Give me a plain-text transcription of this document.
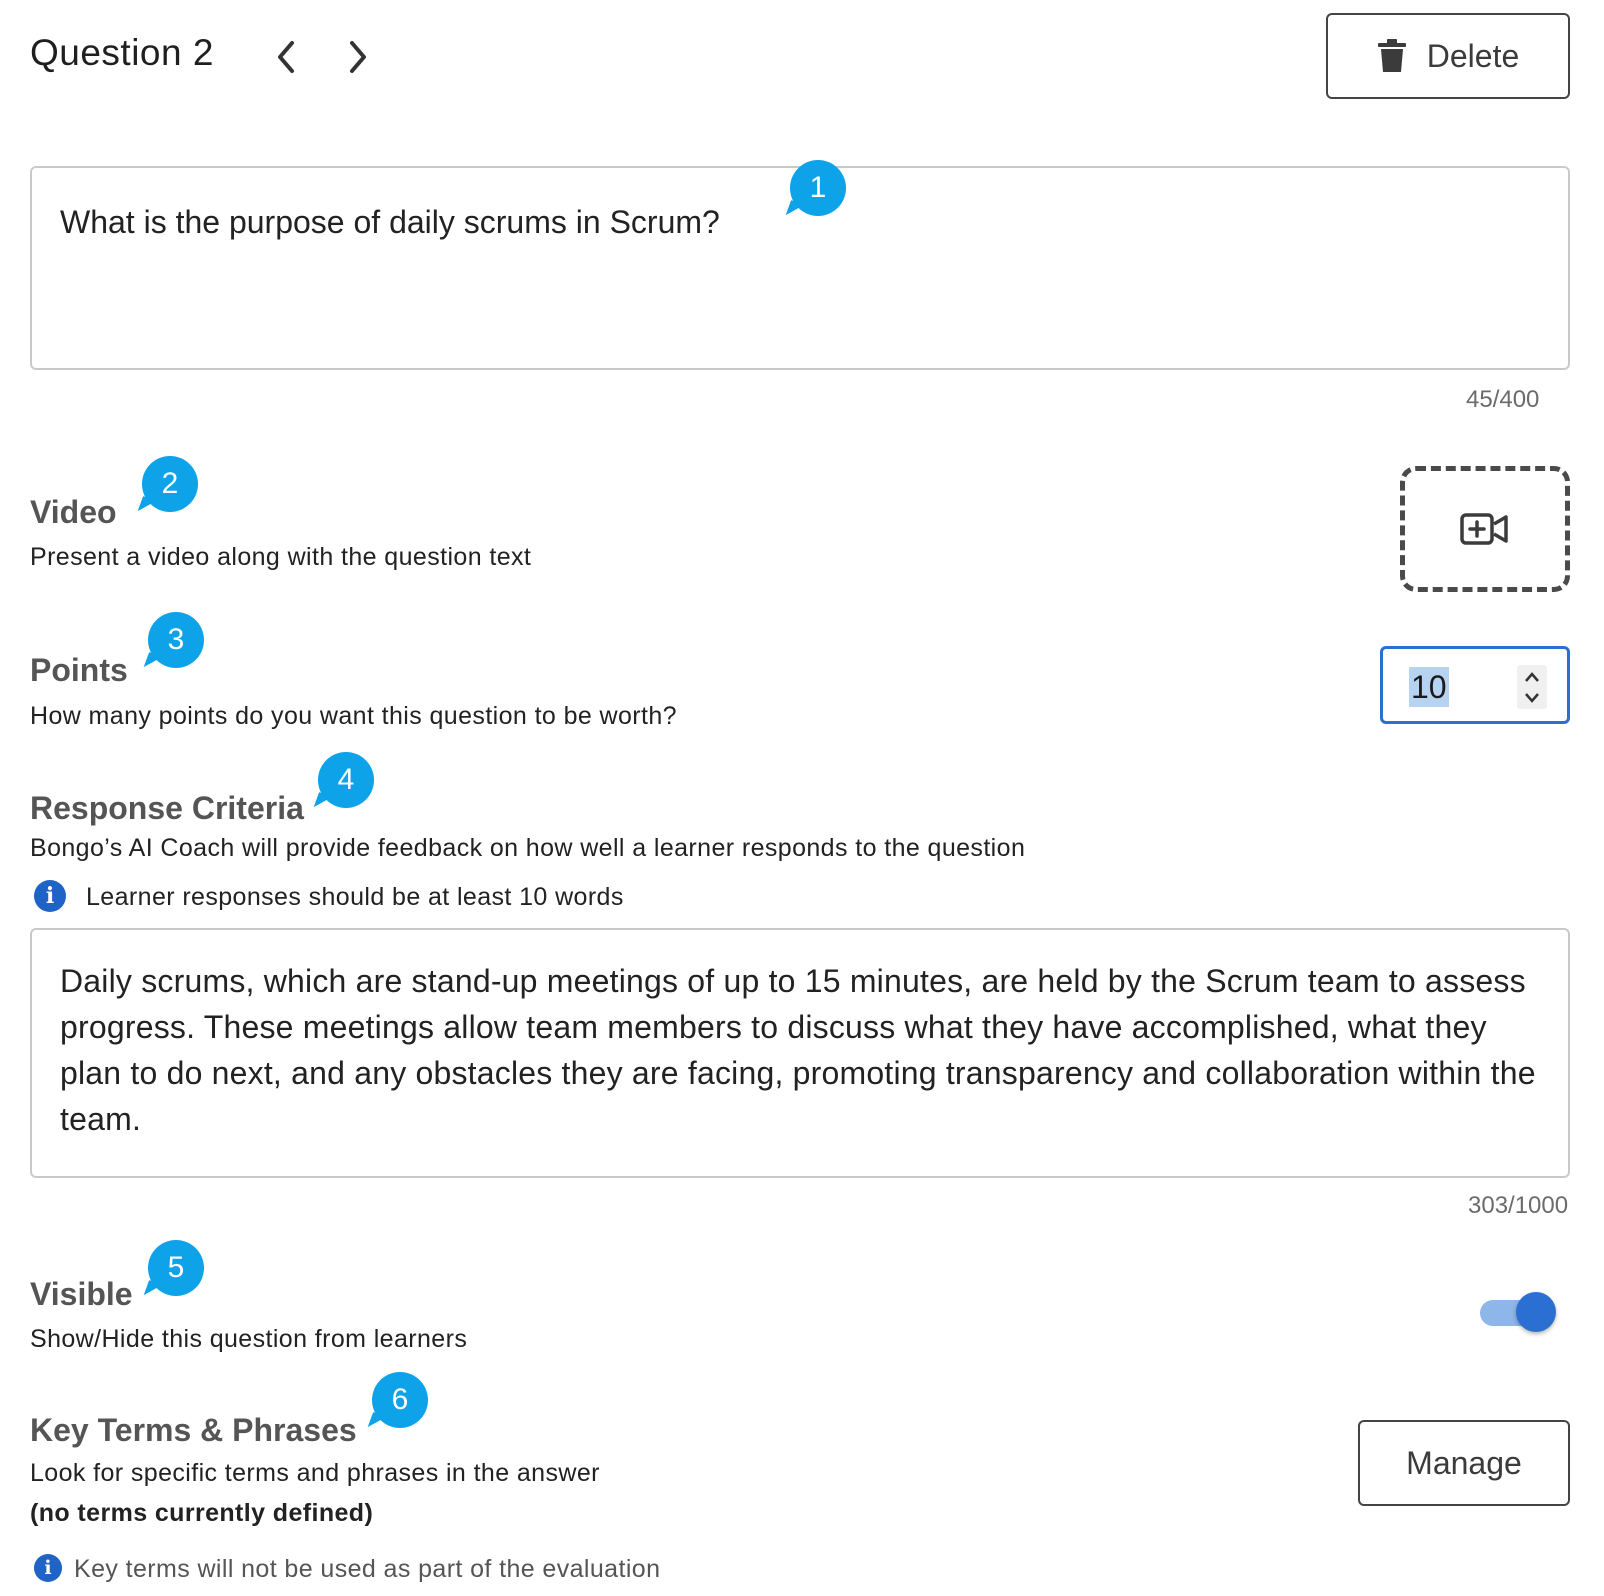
Question 2	Delete
What is the purpose of daily scrums in Scrum?
1
45/400
Video
2
Present a video along with the question text
Points
3
How many points do you want this question to be worth?
10
Response Criteria
4
Bongo’s AI Coach will provide feedback on how well a learner responds to the question
i	Learner responses should be at least 10 words
Daily scrums, which are stand-up meetings of up to 15 minutes, are held by the Scrum team to assess progress. These meetings allow team members to discuss what they have accomplished, what they plan to do next, and any obstacles they are facing, promoting transparency and collaboration within the team.
303/1000
Visible
5
Show/Hide this question from learners
Key Terms & Phrases
6
Look for specific terms and phrases in the answer
(no terms currently defined)
Manage
i Key terms will not be used as part of the evaluation
